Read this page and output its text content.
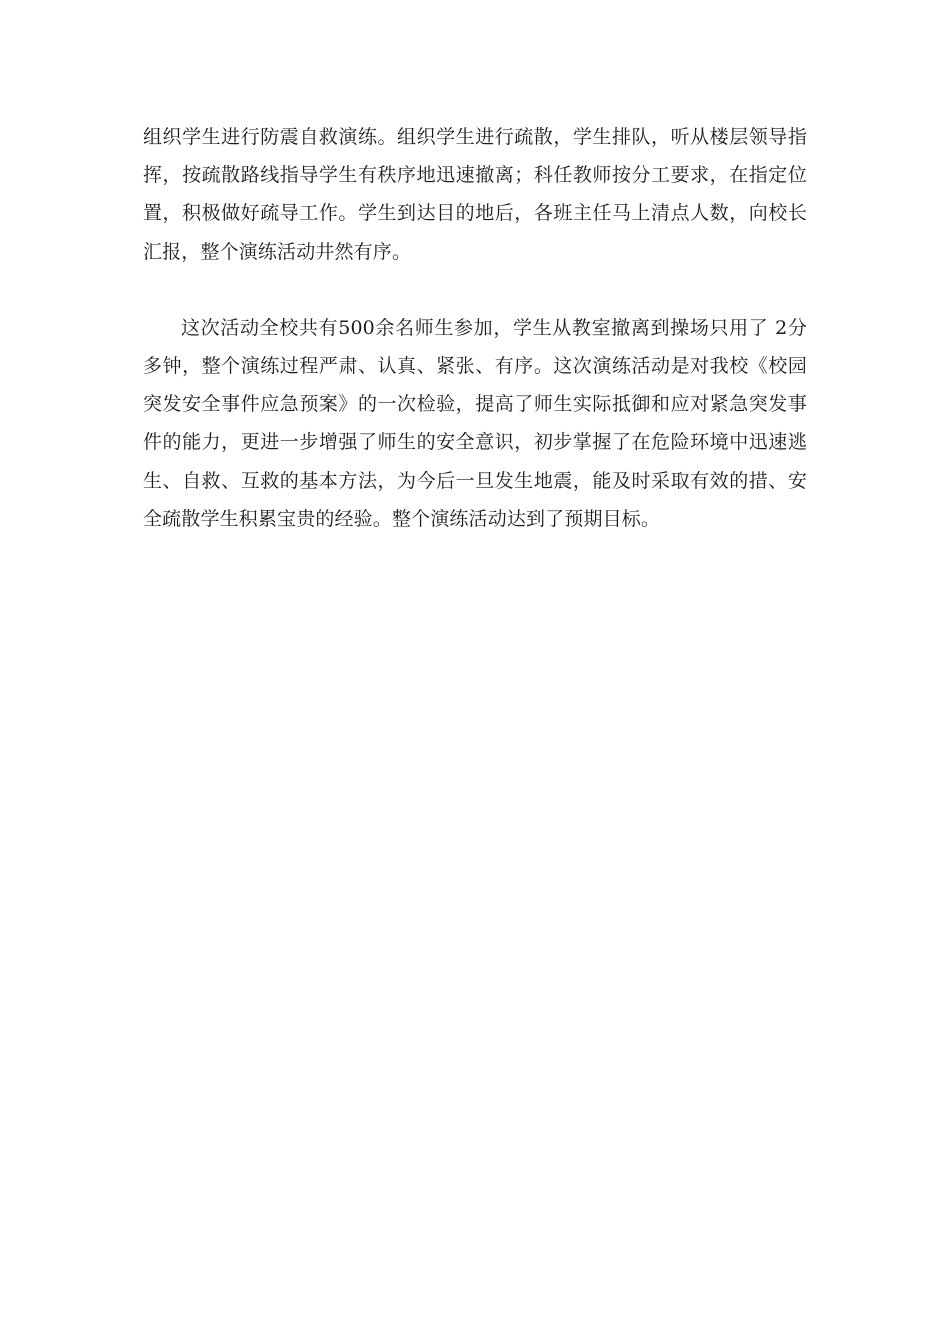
组织学生进行防震自救演练。组织学生进行疏散，学生排队，听从楼层领导指挥，按疏散路线指导学生有秩序地迅速撤离；科任教师按分工要求，在指定位置，积极做好疏导工作。学生到达目的地后，各班主任马上清点人数，向校长汇报，整个演练活动井然有序。

这次活动全校共有500余名师生参加，学生从教室撤离到操场只用了 2分多钟，整个演练过程严肃、认真、紧张、有序。这次演练活动是对我校《校园突发安全事件应急预案》的一次检验，提高了师生实际抵御和应对紧急突发事件的能力，更进一步增强了师生的安全意识，初步掌握了在危险环境中迅速逃生、自救、互救的基本方法，为今后一旦发生地震，能及时采取有效的措、安全疏散学生积累宝贵的经验。整个演练活动达到了预期目标。
